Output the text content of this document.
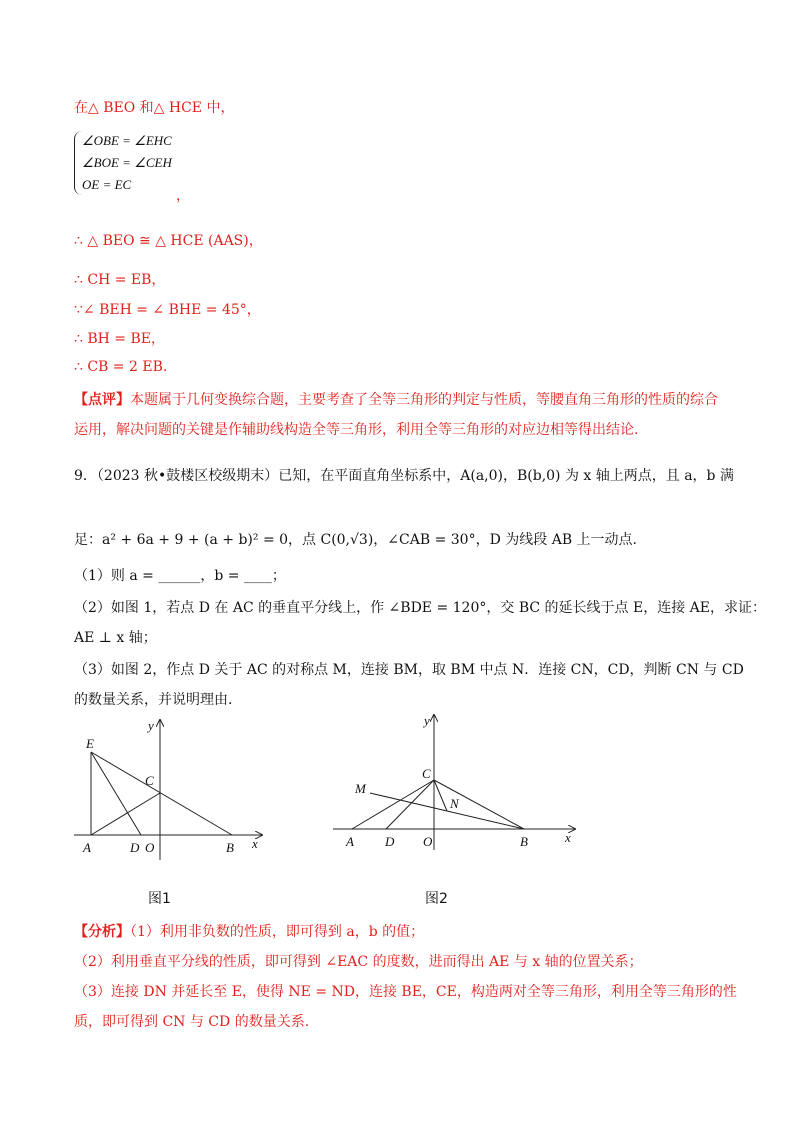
在△ BEO 和△ HCE 中，
∠OBE = ∠EHC
∠BOE = ∠CEH
OE = EC
，
∴ △ BEO ≅ △ HCE (AAS)，
∴ CH = EB，
∵∠ BEH = ∠ BHE = 45°，
∴ BH = BE，
∴ CB = 2 EB.
【点评】本题属于几何变换综合题，主要考查了全等三角形的判定与性质，等腰直角三角形的性质的综合
运用，解决问题的关键是作辅助线构造全等三角形，利用全等三角形的对应边相等得出结论.
9．（2023 秋•鼓楼区校级期末）已知，在平面直角坐标系中，A(a,0)，B(b,0) 为 x 轴上两点，且 a，b 满
足：a² + 6a + 9 + (a + b)² = 0，点 C(0,√3)，∠CAB = 30°，D 为线段 AB 上一动点.
（1）则 a = ______，b = ____；
（2）如图 1，若点 D 在 AC 的垂直平分线上，作 ∠BDE = 120°，交 BC 的延长线于点 E，连接 AE，求证：
AE ⊥ x 轴；
（3）如图 2，作点 D 关于 AC 的对称点 M，连接 BM，取 BM 中点 N．连接 CN，CD，判断 CN 与 CD
的数量关系，并说明理由.
E
C
A	D O	B x
y
图1
M
C
N
A D O	B	x
y
图2
【分析】（1）利用非负数的性质，即可得到 a，b 的值；
（2）利用垂直平分线的性质，即可得到 ∠EAC 的度数，进而得出 AE 与 x 轴的位置关系；
（3）连接 DN 并延长至 E，使得 NE = ND，连接 BE，CE，构造两对全等三角形，利用全等三角形的性
质，即可得到 CN 与 CD 的数量关系.
